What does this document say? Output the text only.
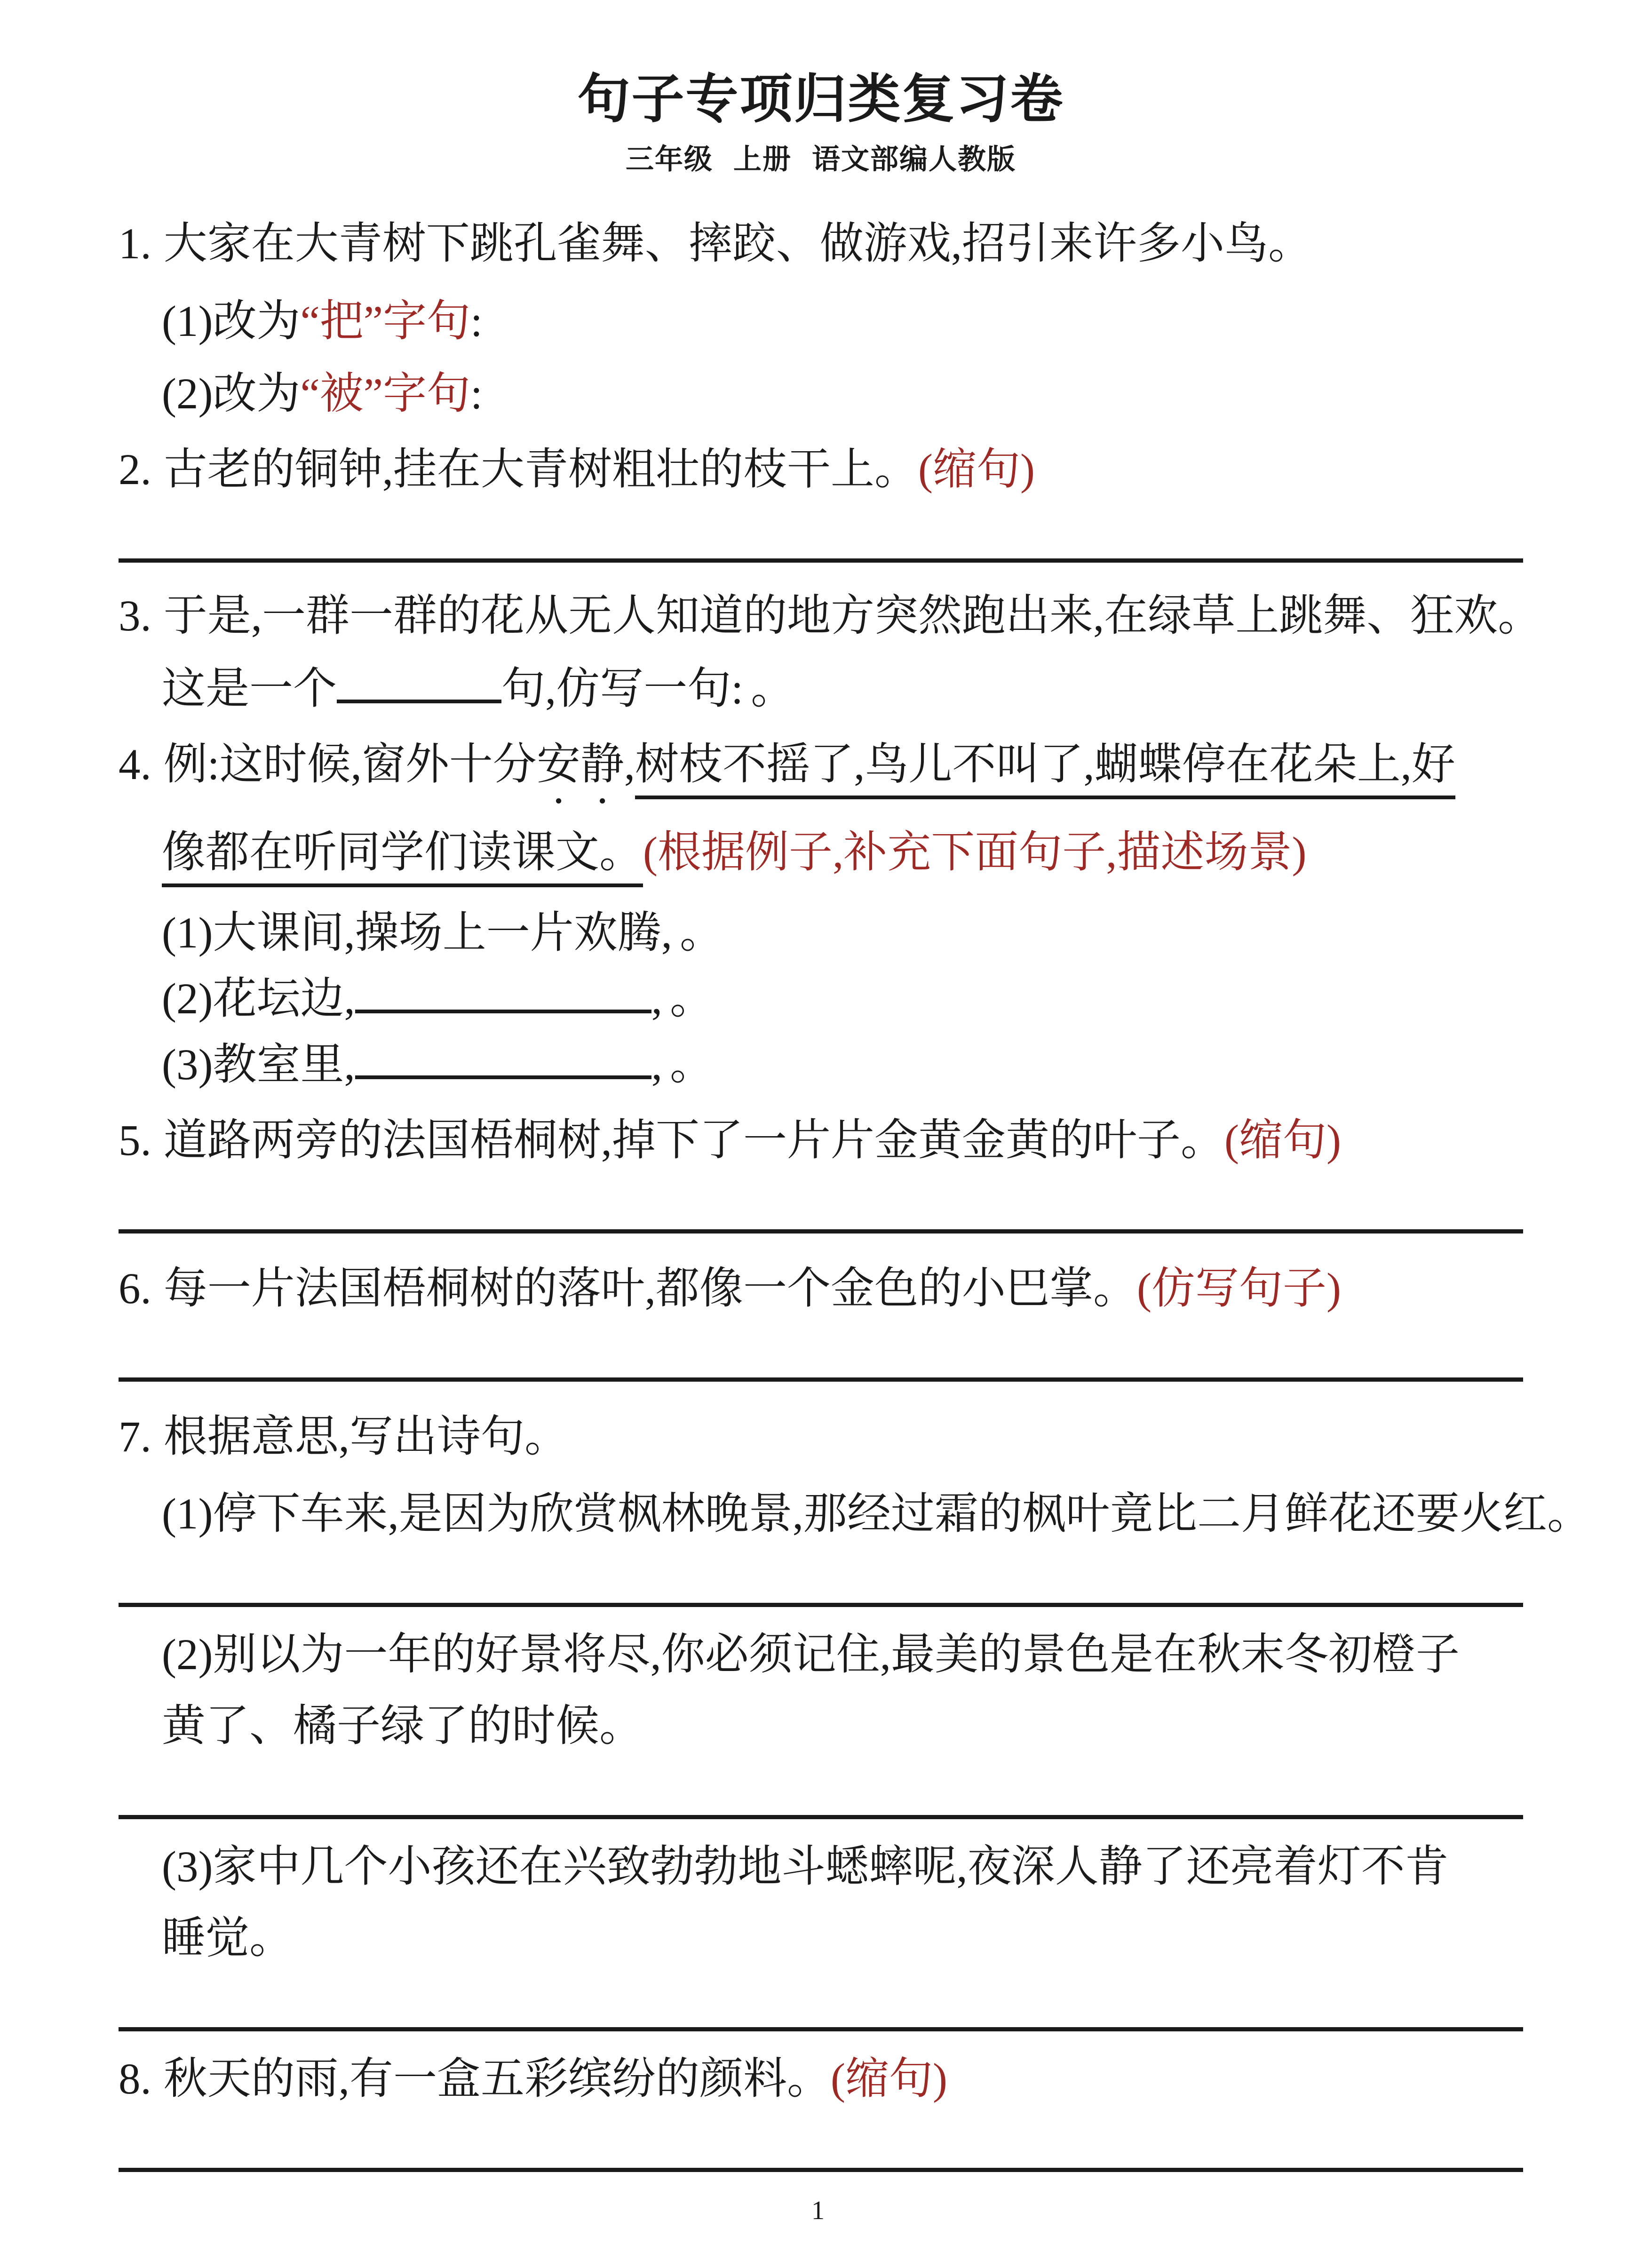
句子专项归类复习卷
三年级 上册 语文部编人教版
1. 大家在大青树下跳孔雀舞、摔跤、做游戏,招引来许多小鸟。
(1) 改为 “把”字句 :
(2) 改为 “被”字句 :
2. 古老的铜钟,挂在大青树粗壮的枝干上。(缩句)
3. 于是,一群一群的花从无人知道的地方突然跑出来,在绿草上跳舞、狂欢。
这是一个	句,仿写一句: 。
4. 例:这时候,窗外十分安静,树枝不摇了,鸟儿不叫了,蝴蝶停在花朵上,好
像都在听同学们读课文。(根据例子,补充下面句子,描述场景)
(1) 大课间,操场上一片欢腾, 。
(2) 花坛边,	, 。
(3) 教室里,	, 。
5. 道路两旁的法国梧桐树,掉下了一片片金黄金黄的叶子。(缩句)
6. 每一片法国梧桐树的落叶,都像一个金色的小巴掌。(仿写句子)
7. 根据意思,写出诗句。
(1)停下车来,是因为欣赏枫林晚景,那经过霜的枫叶竟比二月鲜花还要火红。
(2)别以为一年的好景将尽,你必须记住,最美的景色是在秋末冬初橙子
黄了、橘子绿了的时候。
(3)家中几个小孩还在兴致勃勃地斗蟋蟀呢,夜深人静了还亮着灯不肯
睡觉。
8. 秋天的雨,有一盒五彩缤纷的颜料。(缩句)
1
